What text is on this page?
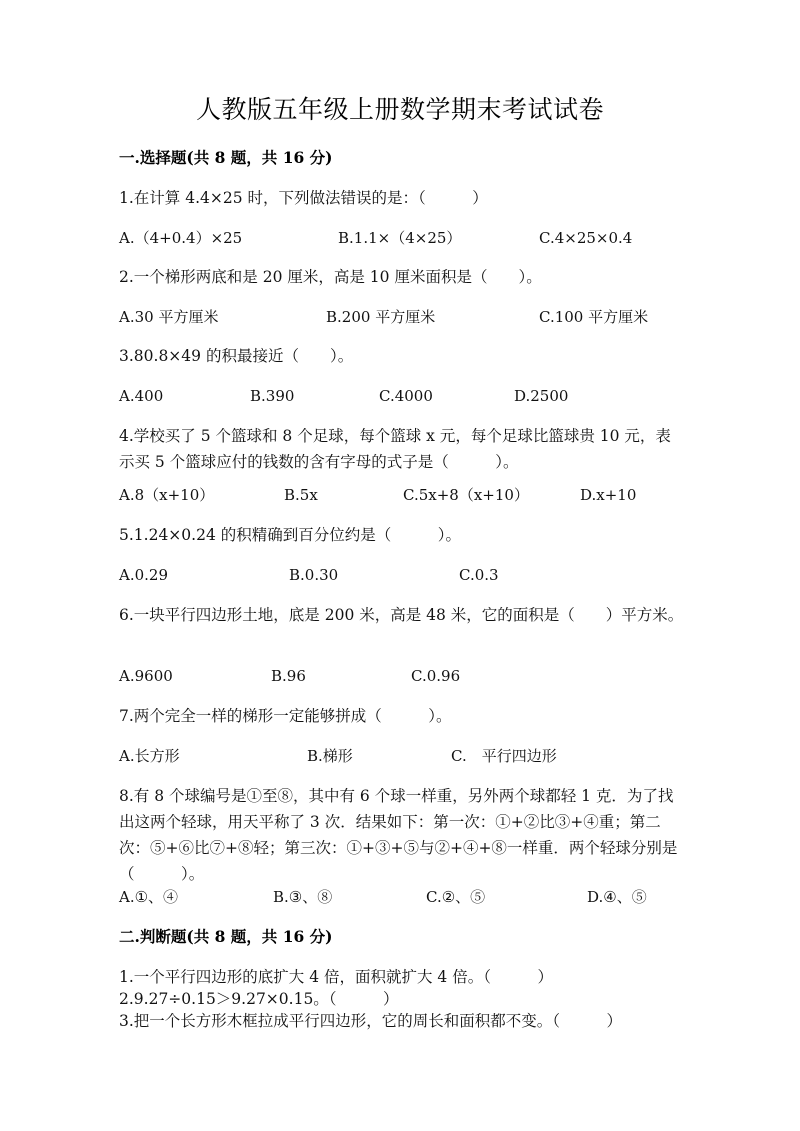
人教版五年级上册数学期末考试试卷
一.选择题(共 8 题，共 16 分)
1.在计算 4.4×25 时，下列做法错误的是：（　　　）
A.（4+0.4）×25	B.1.1×（4×25）	C.4×25×0.4
2.一个梯形两底和是 20 厘米，高是 10 厘米面积是（　　）。
A.30 平方厘米	B.200 平方厘米	C.100 平方厘米
3.80.8×49 的积最接近（　　）。
A.400	B.390	C.4000	D.2500
4.学校买了 5 个篮球和 8 个足球，每个篮球 x 元，每个足球比篮球贵 10 元，表示买 5 个篮球应付的钱数的含有字母的式子是（　　　）。
A.8（x+10）	B.5x	C.5x+8（x+10）	D.x+10
5.1.24×0.24 的积精确到百分位约是（　　　）。
A.0.29	B.0.30	C.0.3
6.一块平行四边形土地，底是 200 米，高是 48 米，它的面积是（　　）平方米。
A.9600	B.96	C.0.96
7.两个完全一样的梯形一定能够拼成（　　　）。
A.长方形	B.梯形	C.　平行四边形
8.有 8 个球编号是①至⑧，其中有 6 个球一样重，另外两个球都轻 1 克．为了找出这两个轻球，用天平称了 3 次．结果如下：第一次：①+②比③+④重；第二次：⑤+⑥比⑦+⑧轻；第三次：①+③+⑤与②+④+⑧一样重．两个轻球分别是（　　　）。
A.①、④	B.③、⑧	C.②、⑤	D.④、⑤
二.判断题(共 8 题，共 16 分)
1.一个平行四边形的底扩大 4 倍，面积就扩大 4 倍。（　　　）
2.9.27÷0.15＞9.27×0.15。（　　　）
3.把一个长方形木框拉成平行四边形，它的周长和面积都不变。（　　　）
